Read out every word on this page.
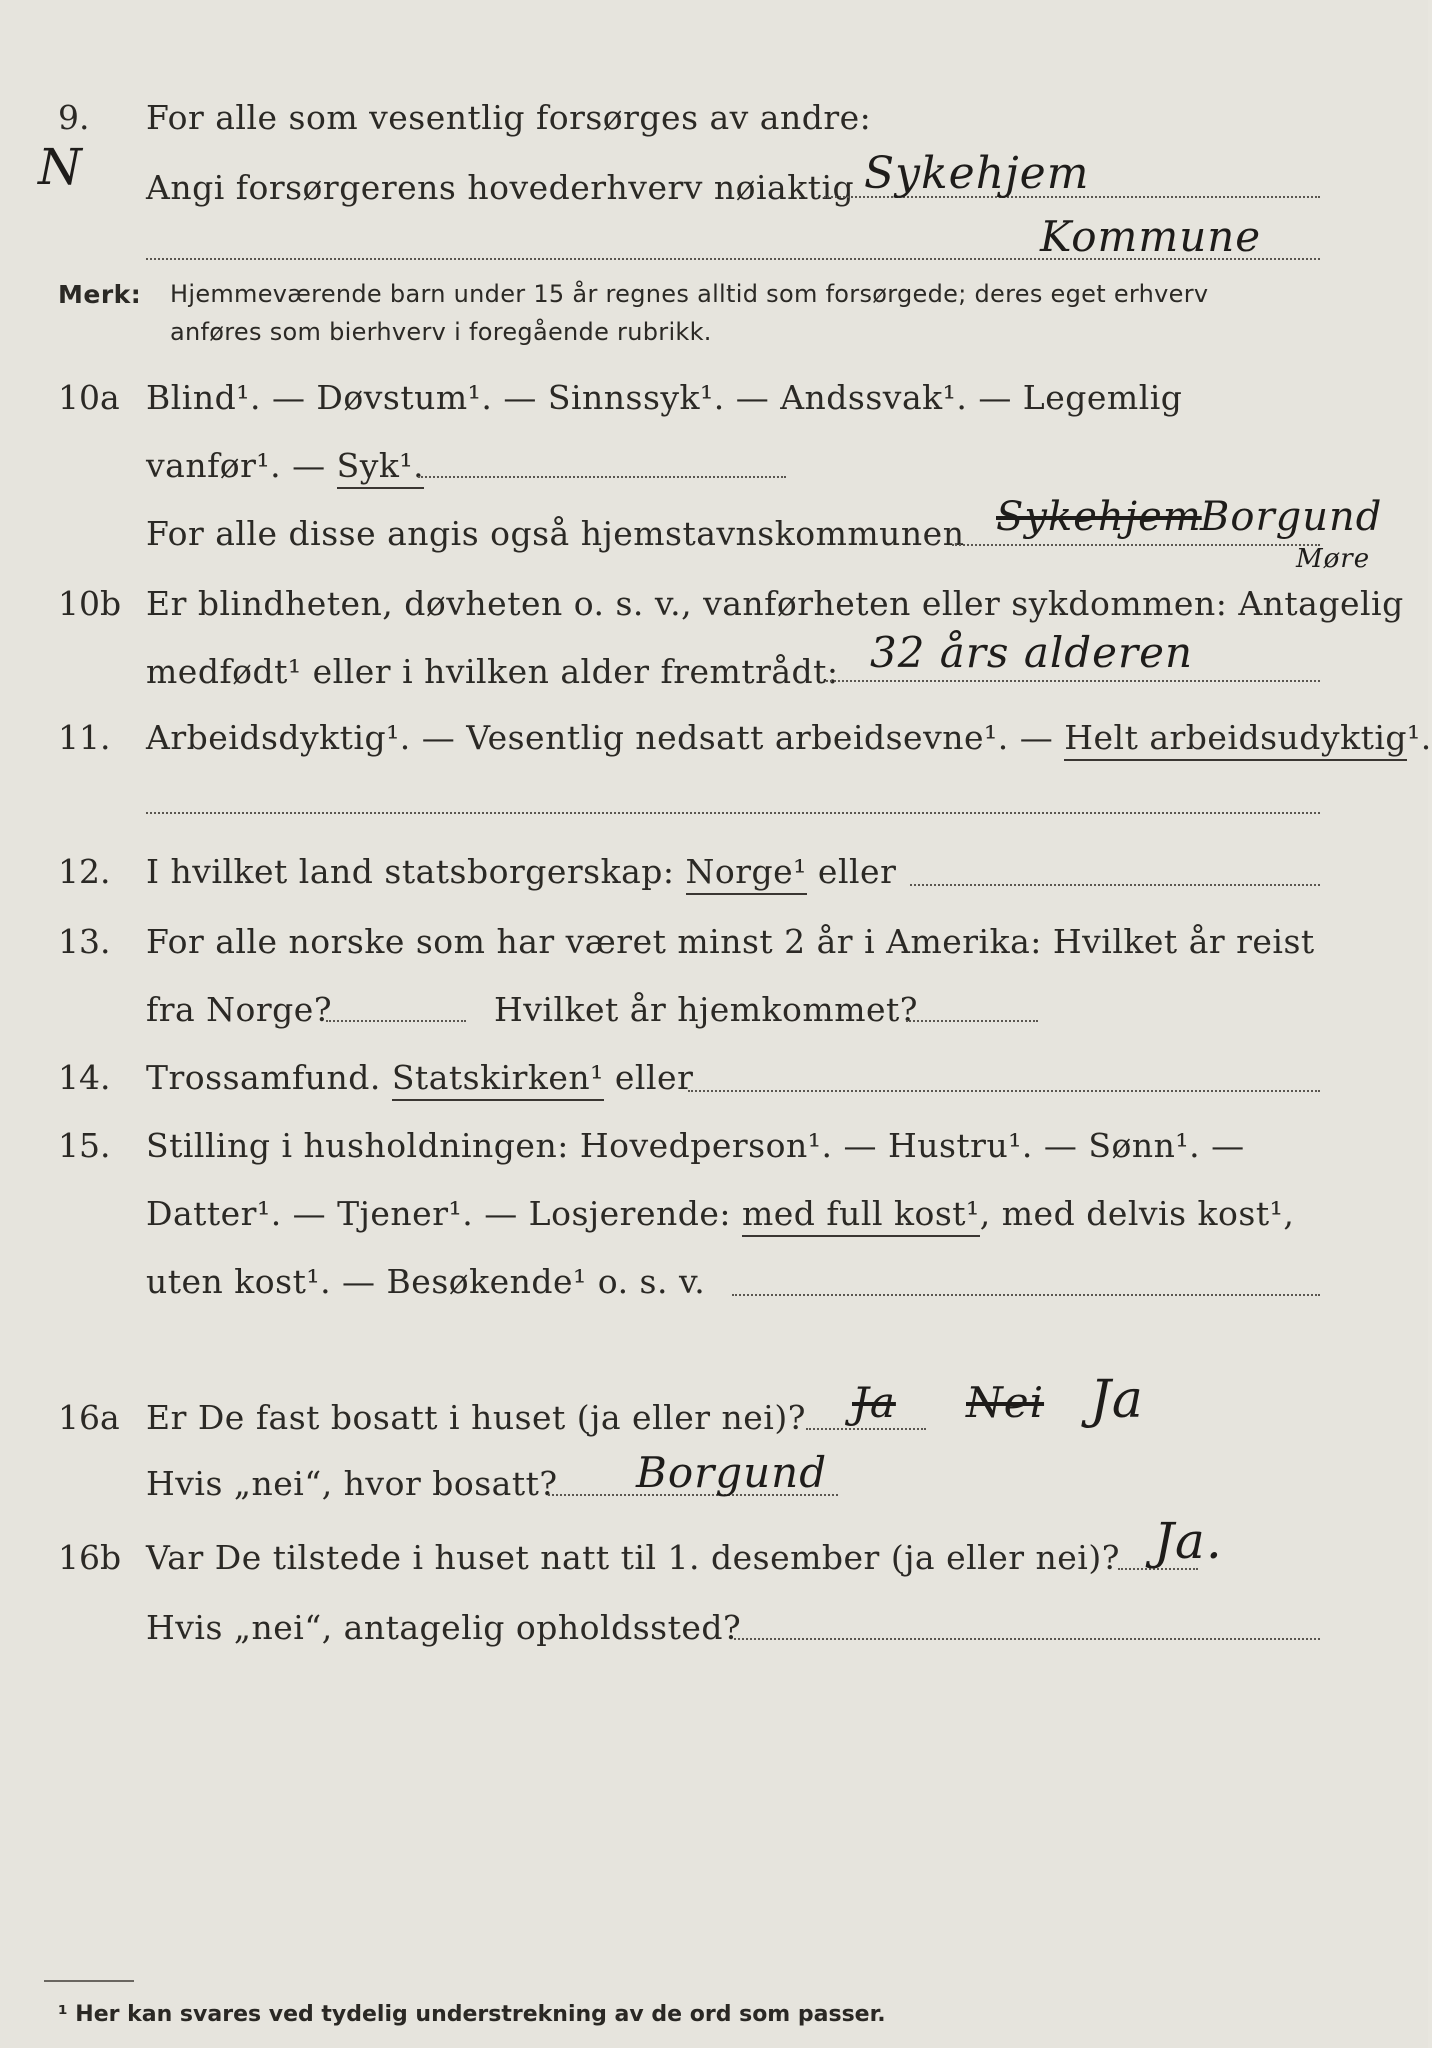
N
9.	For alle som vesentlig forsørges av andre:
Angi forsørgerens hovederhverv nøiaktig Sykehjem
Kommune
Merk: Hjemmeværende barn under 15 år regnes alltid som forsørgede; deres eget erhverv
anføres som bierhverv i foregående rubrikk.
10a Blind¹. — Døvstum¹. — Sinnssyk¹. — Andssvak¹. — Legemlig
vanfør¹. — Syk¹.
For alle disse angis også hjemstavnskommunen Sykehjem
Borgund
Møre
10b Er blindheten, døvheten o. s. v., vanførheten eller sykdommen: Antagelig
medfødt¹ eller i hvilken alder fremtrådt: 32 års alderen
11.	Arbeidsdyktig¹. — Vesentlig nedsatt arbeidsevne¹. — Helt arbeidsudyktig¹.
12.	I hvilket land statsborgerskap: Norge¹ eller
13.	For alle norske som har været minst 2 år i Amerika: Hvilket år reist
fra Norge?	Hvilket år hjemkommet?
14.	Trossamfund. Statskirken¹ eller
15.	Stilling i husholdningen: Hovedperson¹. — Hustru¹. — Sønn¹. —
Datter¹. — Tjener¹. — Losjerende: med full kost¹, med delvis kost¹,
uten kost¹. — Besøkende¹ o. s. v.
16a Er De fast bosatt i huset (ja eller nei)? Ja Nei Ja
Hvis „nei“, hvor bosatt? Borgund
16b Var De tilstede i huset natt til 1. desember (ja eller nei)? Ja.
Hvis „nei“, antagelig opholdssted?
¹ Her kan svares ved tydelig understrekning av de ord som passer.
